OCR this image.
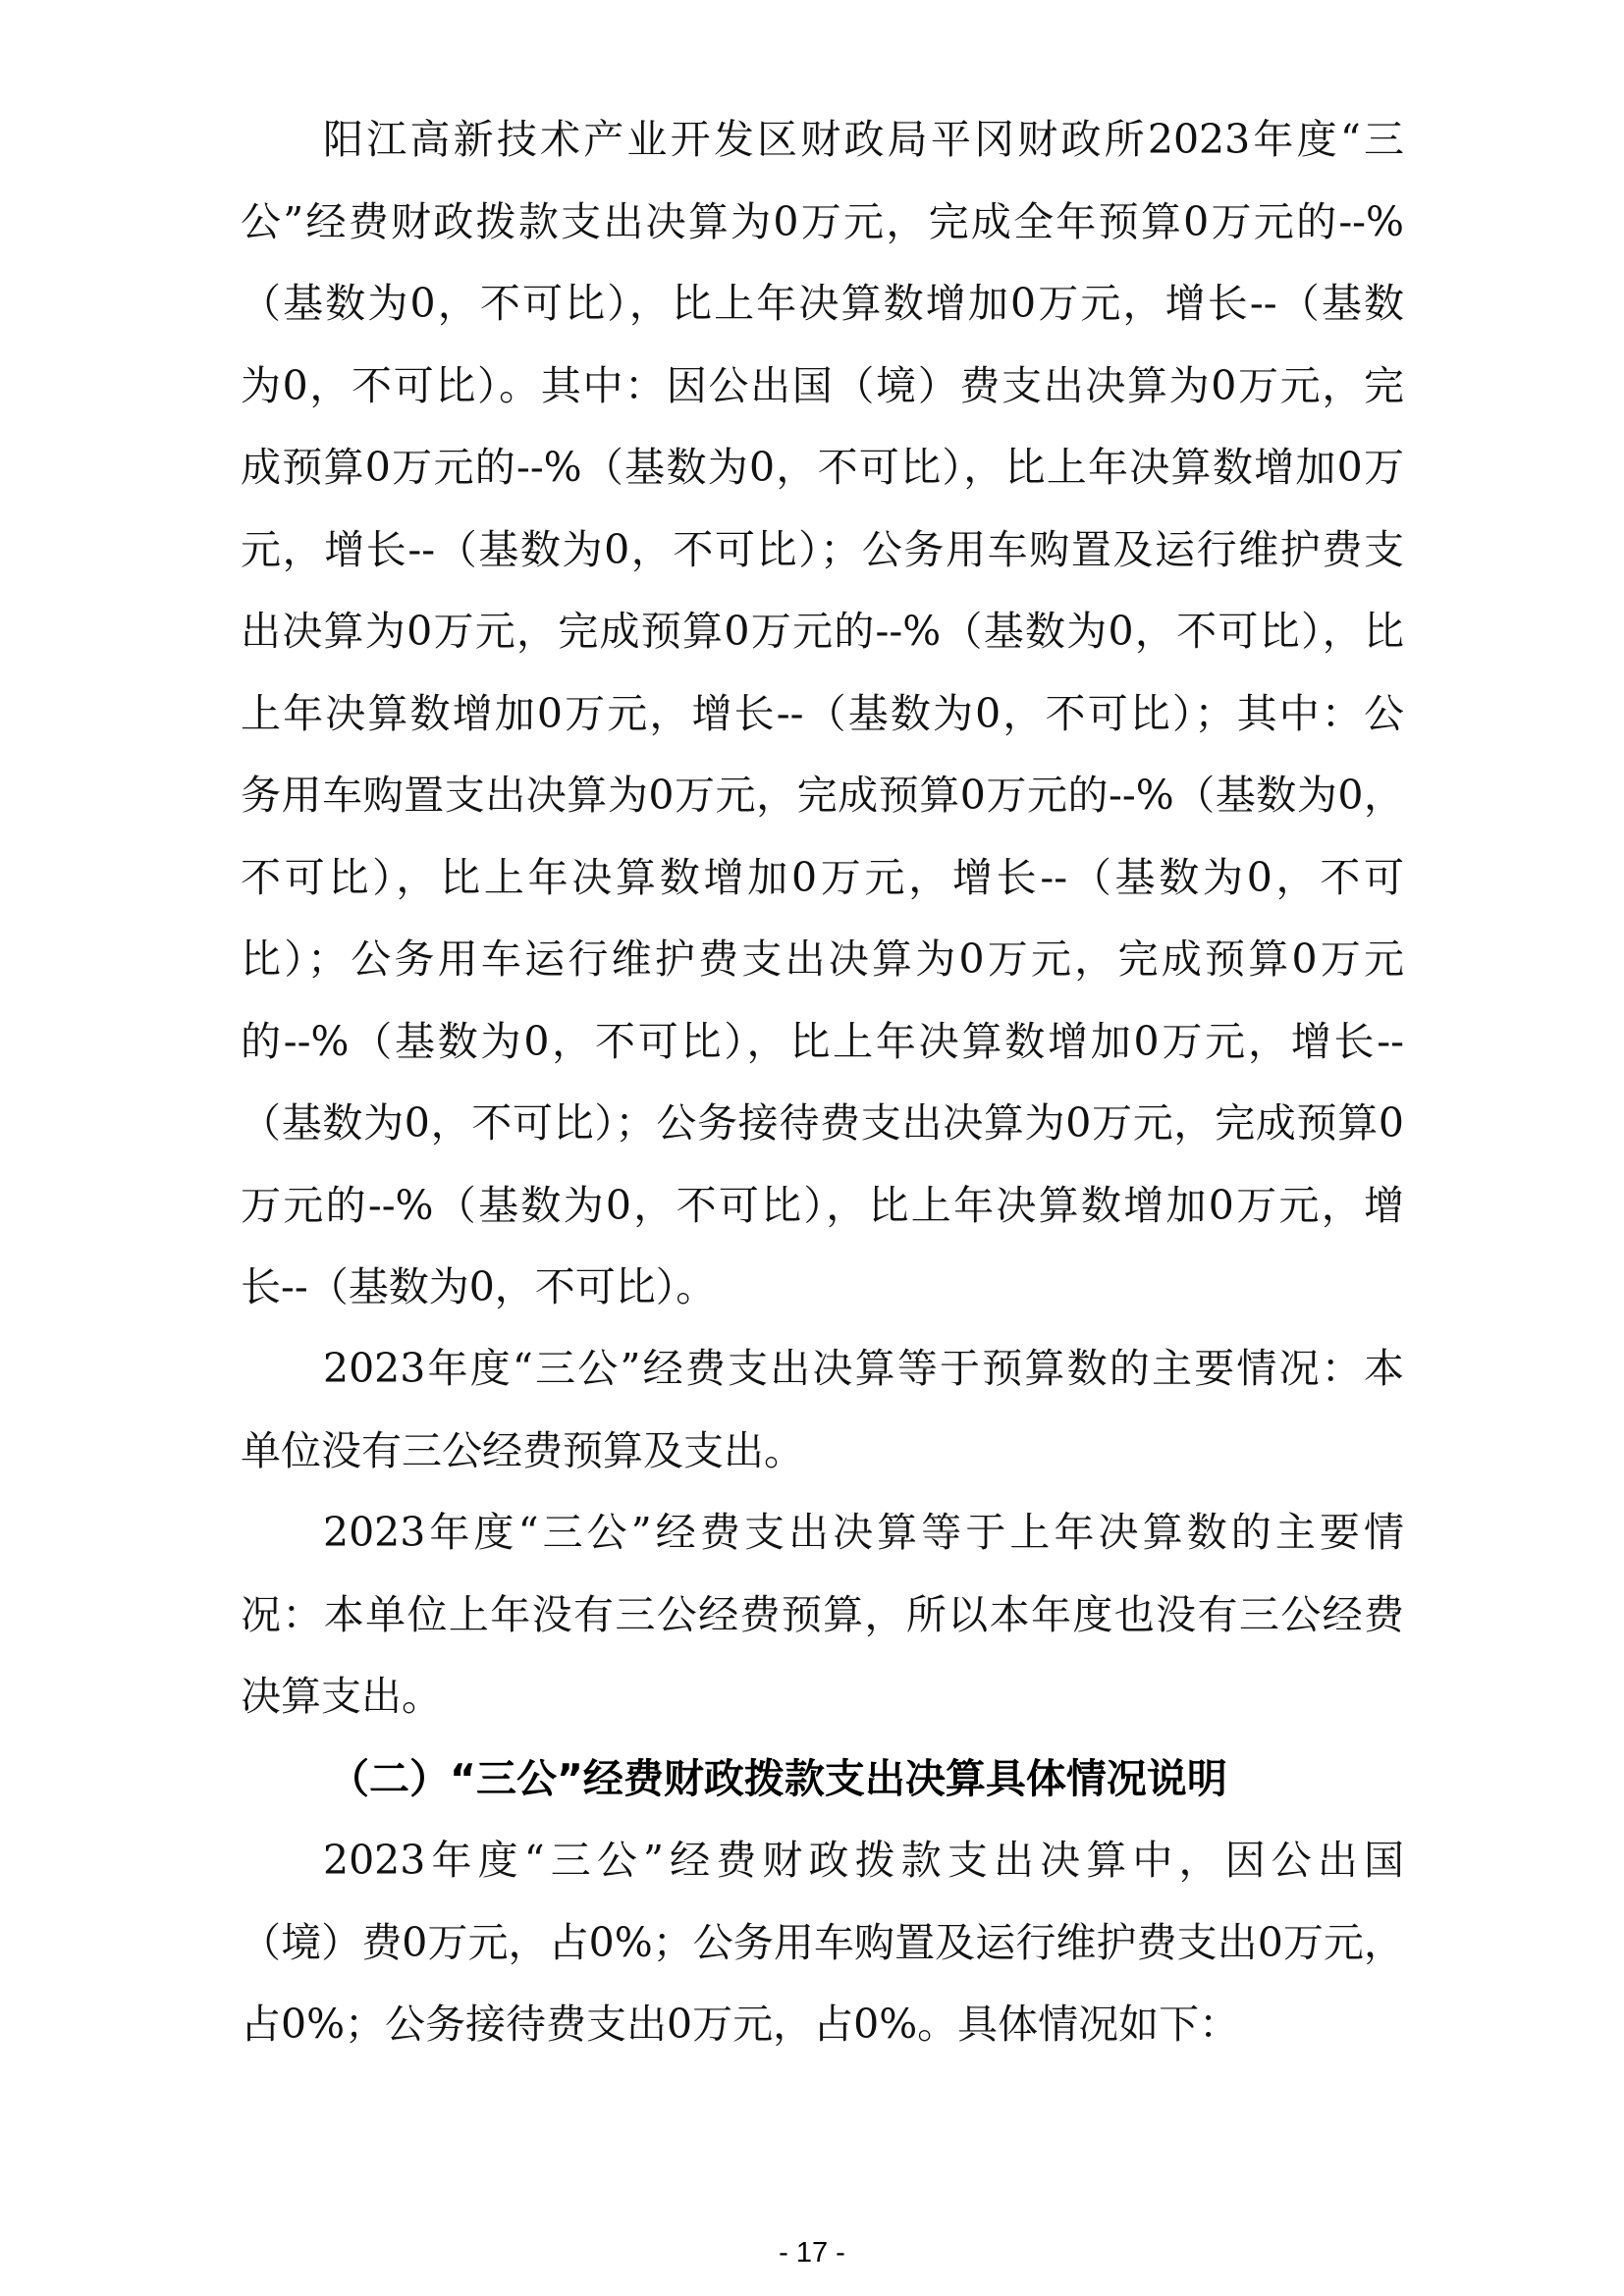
阳江高新技术产业开发区财政局平冈财政所2023年度“三
公”经费财政拨款支出决算为0万元，完成全年预算0万元的--%
（基数为0，不可比），比上年决算数增加0万元，增长--（基数
为0，不可比）。其中：因公出国（境）费支出决算为0万元，完
成预算0万元的--%（基数为0，不可比），比上年决算数增加0万
元，增长--（基数为0，不可比）；公务用车购置及运行维护费支
出决算为0万元，完成预算0万元的--%（基数为0，不可比），比
上年决算数增加0万元，增长--（基数为0，不可比）；其中：公
务用车购置支出决算为0万元，完成预算0万元的--%（基数为0，
不可比），比上年决算数增加0万元，增长--（基数为0，不可
比）；公务用车运行维护费支出决算为0万元，完成预算0万元
的--%（基数为0，不可比），比上年决算数增加0万元，增长--
（基数为0，不可比）；公务接待费支出决算为0万元，完成预算0
万元的--%（基数为0，不可比），比上年决算数增加0万元，增
长--（基数为0，不可比）。
2023年度“三公”经费支出决算等于预算数的主要情况：本
单位没有三公经费预算及支出。
2023年度“三公”经费支出决算等于上年决算数的主要情
况：本单位上年没有三公经费预算，所以本年度也没有三公经费
决算支出。
（二）“三公”经费财政拨款支出决算具体情况说明
2023年度“三公”经费财政拨款支出决算中，因公出国
（境）费0万元，占0%；公务用车购置及运行维护费支出0万元，
占0%；公务接待费支出0万元，占0%。具体情况如下：
- 17 -
